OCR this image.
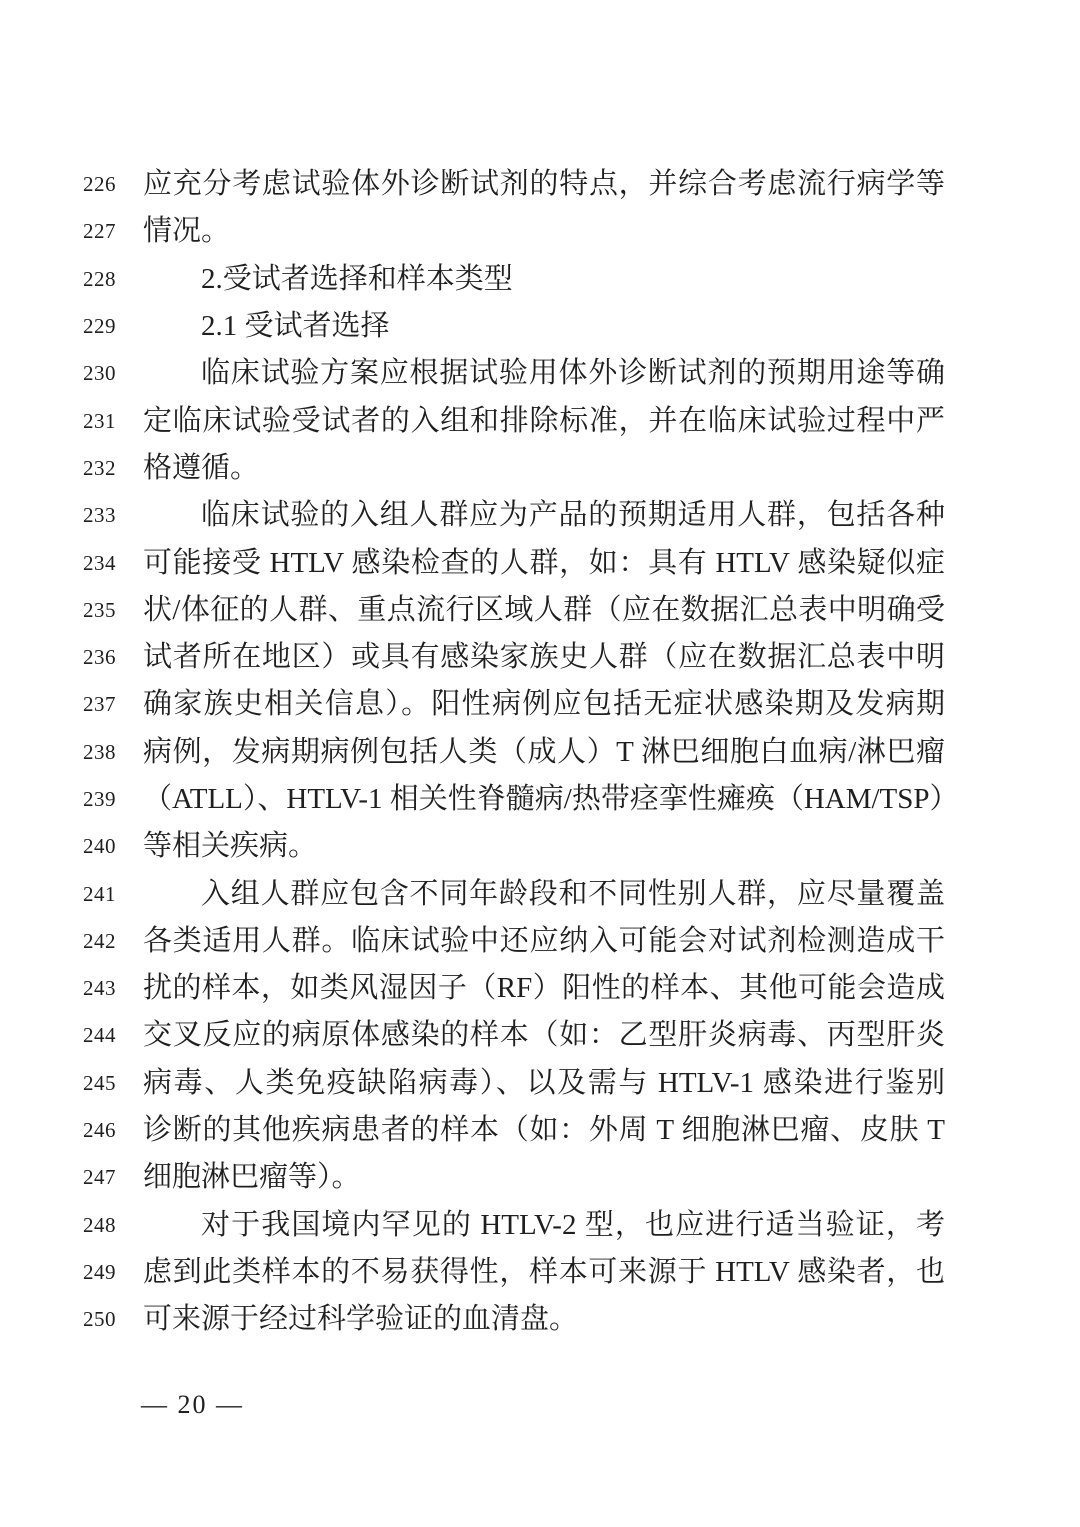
226 应充分考虑试验体外诊断试剂的特点，并综合考虑流行病学等
227 情况。
228	2.受试者选择和样本类型
229	2.1 受试者选择
230	临床试验方案应根据试验用体外诊断试剂的预期用途等确
231 定临床试验受试者的入组和排除标准，并在临床试验过程中严
232 格遵循。
233	临床试验的入组人群应为产品的预期适用人群，包括各种
234 可能接受 HTLV 感染检查的人群，如：具有 HTLV 感染疑似症
235 状/体征的人群、重点流行区域人群（应在数据汇总表中明确受
236 试者所在地区）或具有感染家族史人群（应在数据汇总表中明
237 确家族史相关信息）。阳性病例应包括无症状感染期及发病期
238 病例，发病期病例包括人类（成人）T 淋巴细胞白血病/淋巴瘤
239 （ATLL）、HTLV-1 相关性脊髓病/热带痉挛性瘫痪（HAM/TSP）
240 等相关疾病。
241	入组人群应包含不同年龄段和不同性别人群，应尽量覆盖
242 各类适用人群。临床试验中还应纳入可能会对试剂检测造成干
243 扰的样本，如类风湿因子（RF）阳性的样本、其他可能会造成
244 交叉反应的病原体感染的样本（如：乙型肝炎病毒、丙型肝炎
245 病毒、人类免疫缺陷病毒）、以及需与 HTLV-1 感染进行鉴别
246 诊断的其他疾病患者的样本（如：外周 T 细胞淋巴瘤、皮肤 T
247 细胞淋巴瘤等）。
248	对于我国境内罕见的 HTLV-2 型，也应进行适当验证，考
249 虑到此类样本的不易获得性，样本可来源于 HTLV 感染者，也
250 可来源于经过科学验证的血清盘。
— 20 —
